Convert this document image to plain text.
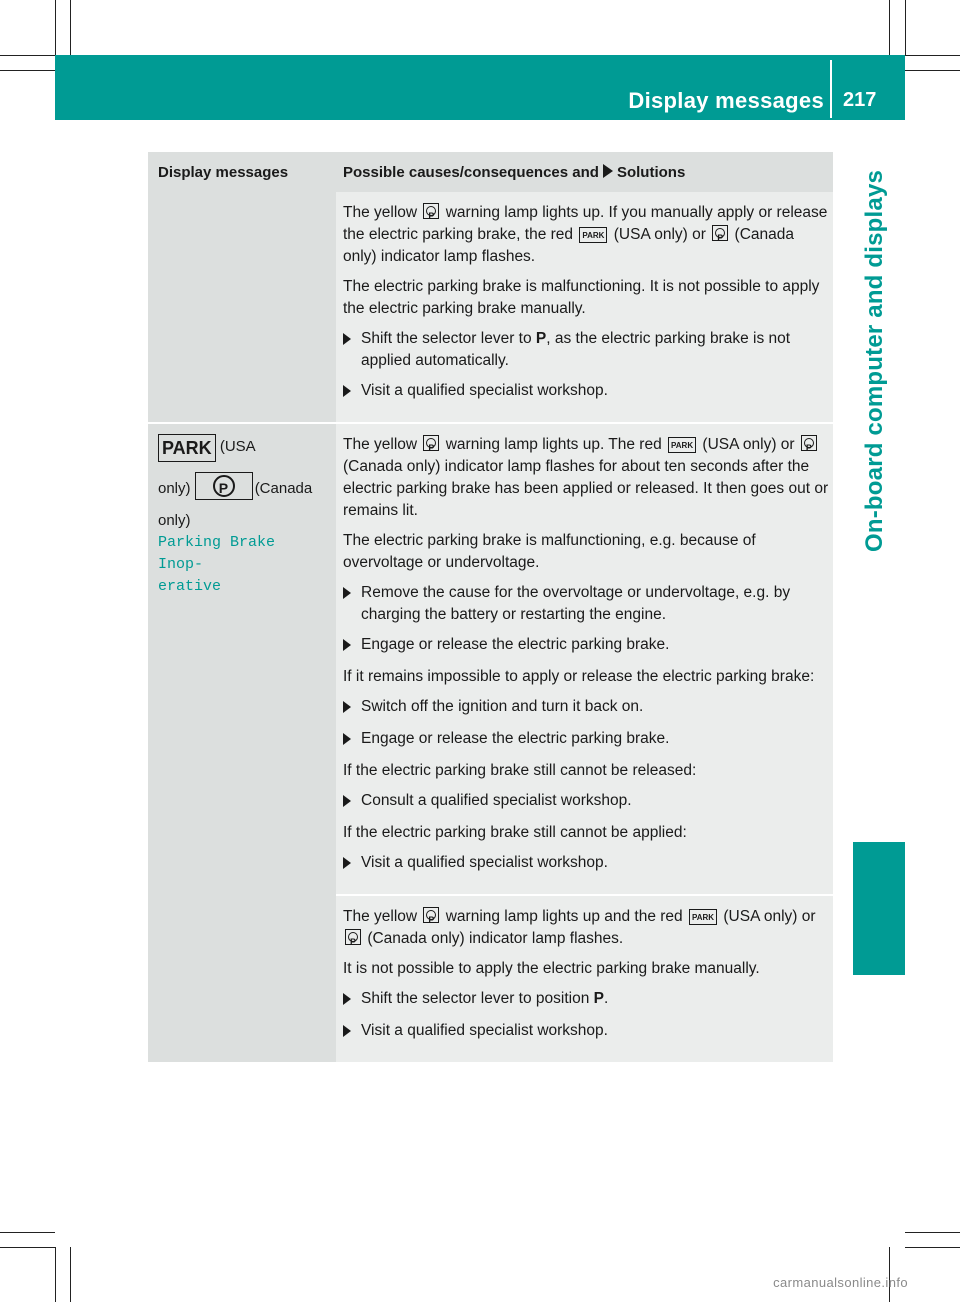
Display messages 217
On-board computer and displays
Display messages	Possible causes/consequences and Solutions

The yellow P warning lamp lights up. If you manually apply or release the electric parking brake, the red PARK (USA only) or P (Canada only) indicator lamp flashes.

The electric parking brake is malfunctioning. It is not possible to apply the electric parking brake manually.

Shift the selector lever to P, as the electric parking brake is not applied automatically.
Visit a qualified specialist workshop.
PARK (USA
only) P	(Canada
only)
Parking Brake Inop‐
erative

The yellow P warning lamp lights up. The red PARK (USA only) or P (Canada only) indicator lamp flashes for about ten seconds after the electric parking brake has been applied or released. It then goes out or remains lit.

The electric parking brake is malfunctioning, e.g. because of overvoltage or undervoltage.

Remove the cause for the overvoltage or undervoltage, e.g. by charging the battery or restarting the engine.
Engage or release the electric parking brake.

If it remains impossible to apply or release the electric parking brake:

Switch off the ignition and turn it back on.
Engage or release the electric parking brake.

If the electric parking brake still cannot be released:

Consult a qualified specialist workshop.

If the electric parking brake still cannot be applied:

Visit a qualified specialist workshop.

The yellow P warning lamp lights up and the red PARK (USA only) or P (Canada only) indicator lamp flashes.

It is not possible to apply the electric parking brake manually.

Shift the selector lever to position P.
Visit a qualified specialist workshop.
carmanualsonline.info
